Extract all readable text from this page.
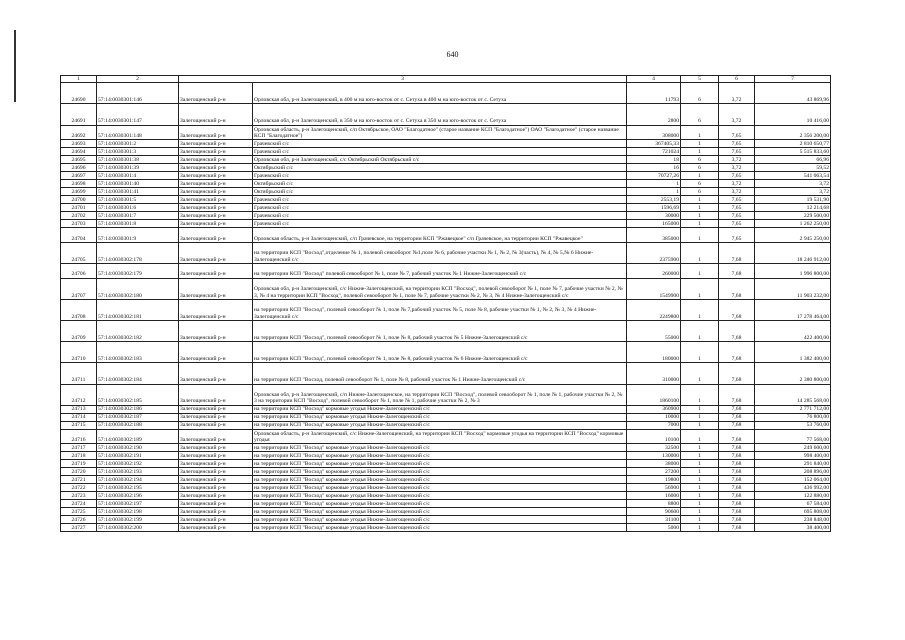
640
1	2	3		4	5	6	7
24690	57:14:0030301:146	Залегощенский р-н	Орловская обл, р-н Залегощенский, в 400 м на юго-восток от с. Сетуха в 400 м на юго-восток от с. Сетуха	11793	6	3,72	43 869,96
24691	57:14:0030301:147	Залегощенский р-н	Орловская обл, р-н Залегощенский, в 350 м на юго-восток от с. Сетуха в 350 м на юго-восток от с. Сетуха	2800	6	3,72	10 416,00
24692	57:14:0030301:148	Залегощенский р-н	Орловская область, р-н Залегощенский, с/п Октябрьское, ОАО "Благодатное" (старое название КСП "Благодатное") ОАО "Благодатное" (старое название КСП "Благодатное")	308000	1	7,65	2 356 200,00
24693	57:14:0030301:2	Залегощенский р-н	Грачевский с/с	367405,33	1	7,65	2 810 650,77
24694	57:14:0030301:3	Залегощенский р-н	Грачевский с/с	721024	1	7,65	5 515 833,60
24695	57:14:0030301:38	Залегощенский р-н	Орловская обл, р-н Залегощенский, с/с Октябрьский Октябрьский с/с	18	6	3,72	66,96
24696	57:14:0030301:39	Залегощенский р-н	Октябрьский с/с	16	6	3,72	59,52
24697	57:14:0030301:4	Залегощенский р-н	Грачевский с/с	70727,26	1	7,65	541 063,54
24698	57:14:0030301:40	Залегощенский р-н	Октябрьский с/с	1	6	3,72	3,72
24699	57:14:0030301:41	Залегощенский р-н	Октябрьский с/с	1	6	3,72	3,72
24700	57:14:0030301:5	Залегощенский р-н	Грачевский с/с	2553,19	1	7,65	19 531,90
24701	57:14:0030301:6	Залегощенский р-н	Грачевский с/с	1596,69	1	7,65	12 214,68
24702	57:14:0030301:7	Залегощенский р-н	Грачевский с/с	30000	1	7,65	229 500,00
24703	57:14:0030301:8	Залегощенский р-н	Грачевский с/с	165000	1	7,65	1 262 250,00
24704	57:14:0030301:9	Залегощенский р-н	Орловская область, р-н Залегощенский, с/п Грачевское, на территории КСП "Ржавецкое" с/п Грачевское, на территории КСП "Ржавецкое"	385000	1	7,65	2 945 250,00
24705	57:14:0030302:178	Залегощенский р-н	на территории КСП "Восход",отделение № 1, полевой севооборот №1,поле № 6, рабочие участки № 1, № 2, № 3(часть), № 4, № 5,№ 6 Нижне-Залегощенский с/с	2375900	1	7,68	18 246 912,00
24706	57:14:0030302:179	Залегощенский р-н	на территории КСП "Восход" полевой севооборот № 1, поле № 7, рабочий участок № 1 Нижне-Залегощенский с/с	260000	1	7,68	1 996 800,00
24707	57:14:0030302:180	Залегощенский р-н	Орловская обл, р-н Залегощенский, с/с Нижне-Залегощенский, на территории КСП "Восход", полевой севооборот № 1, поле № 7, рабочие участки № 2, № 3, № 4 на территории КСП "Восход", полевой севооборот № 1, поле № 7, рабочие участки № 2, № 3, № 4 Нижне-Залегощенский с/с	1549900	1	7,68	11 903 232,00
24708	57:14:0030302:181	Залегощенский р-н	на территории КСП "Восход", полевой севооборот № 1, поле № 7,рабочий участок № 5, поле № 8, рабочие участки № 1, № 2, № 3, № 4 Нижне-Залегощенский с/с	2249800	1	7,68	17 278 464,00
24709	57:14:0030302:182	Залегощенский р-н	на территории КСП "Восход", полевой севооборот № 1, поле № 8, рабочий участок № 5 Нижне-Залегощенский с/с	55000	1	7,68	422 400,00
24710	57:14:0030302:183	Залегощенский р-н	на территории КСП "Восход", полевой севооборот № 1, поле № 8, рабочий участок № 6 Нижне-Залегощенский с/с	180000	1	7,68	1 382 400,00
24711	57:14:0030302:184	Залегощенский р-н	на территории КСП "Восход, полевой севооборот № 1, поле № 8, рабочий участок № 1 Нижне-Залегощенский с/с	310000	1	7,68	2 380 800,00
24712	57:14:0030302:185	Залегощенский р-н	Орловская обл, р-н Залегощенский, с/п Нижне-Залегощенское, на территории КСП "Восход", полевой севооборот № 1, поле № 1, рабочие участки № 2, № 3 на территории КСП "Восход", полевой севооборот № 1, поле № 1, рабочие участки № 2, № 3	1860100	1	7,68	14 285 568,00
24713	57:14:0030302:186	Залегощенский р-н	на территории КСП "Восход" кормовые угодья Нижне-Залегощенский с/с	360900	1	7,68	2 771 712,00
24714	57:14:0030302:187	Залегощенский р-н	на территории КСП "Восход" кормовые угодья Нижне-Залегощенский с/с	10000	1	7,68	76 800,00
24715	57:14:0030302:188	Залегощенский р-н	на территории КСП "Восход" кормовые угодья Нижне-Залегощенский с/с	7000	1	7,68	53 760,00
24716	57:14:0030302:189	Залегощенский р-н	Орловская область, р-н Залегощенский, с/с Нижне-Залегощенский, на территории КСП "Восход" кормовые угодья на территории КСП "Восход" кормовые угодья	10100	1	7,68	77 568,00
24717	57:14:0030302:190	Залегощенский р-н	на территории КСП "Восход" кормовые угодья Нижне-Залегощенский с/с	32500	1	7,68	249 600,00
24718	57:14:0030302:191	Залегощенский р-н	на территории КСП "Восход" кормовые угодья Нижне-Залегощенский с/с	130000	1	7,68	998 400,00
24719	57:14:0030302:192	Залегощенский р-н	на территории КСП "Восход" кормовые угодья Нижне-Залегощенский с/с	38000	1	7,68	291 840,00
24720	57:14:0030302:193	Залегощенский р-н	на территории КСП "Восход" кормовые угодья Нижне-Залегощенский с/с	27200	1	7,68	208 896,00
24721	57:14:0030302:194	Залегощенский р-н	на территории КСП "Восход" кормовые угодья Нижне-Залегощенский с/с	19800	1	7,68	152 064,00
24722	57:14:0030302:195	Залегощенский р-н	на территории КСП "Восход" кормовые угодья Нижне-Залегощенский с/с	56900	1	7,68	436 992,00
24723	57:14:0030302:196	Залегощенский р-н	на территории КСП "Восход" кормовые угодья Нижне-Залегощенский с/с	16000	1	7,68	122 880,00
24724	57:14:0030302:197	Залегощенский р-н	на территории КСП "Восход" кормовые угодья Нижне-Залегощенский с/с	8800	1	7,68	67 584,00
24725	57:14:0030302:198	Залегощенский р-н	на территории КСП "Восход" кормовые угодья Нижне-Залегощенский с/с	90600	1	7,68	695 808,00
24726	57:14:0030302:199	Залегощенский р-н	на территории КСП "Восход" кормовые угодья Нижне-Залегощенский с/с	31100	1	7,68	238 848,00
24727	57:14:0030302:200	Залегощенский р-н	на территории КСП "Восход" кормовые угодья Нижне-Залегощенский с/с	5000	1	7,68	38 400,00
